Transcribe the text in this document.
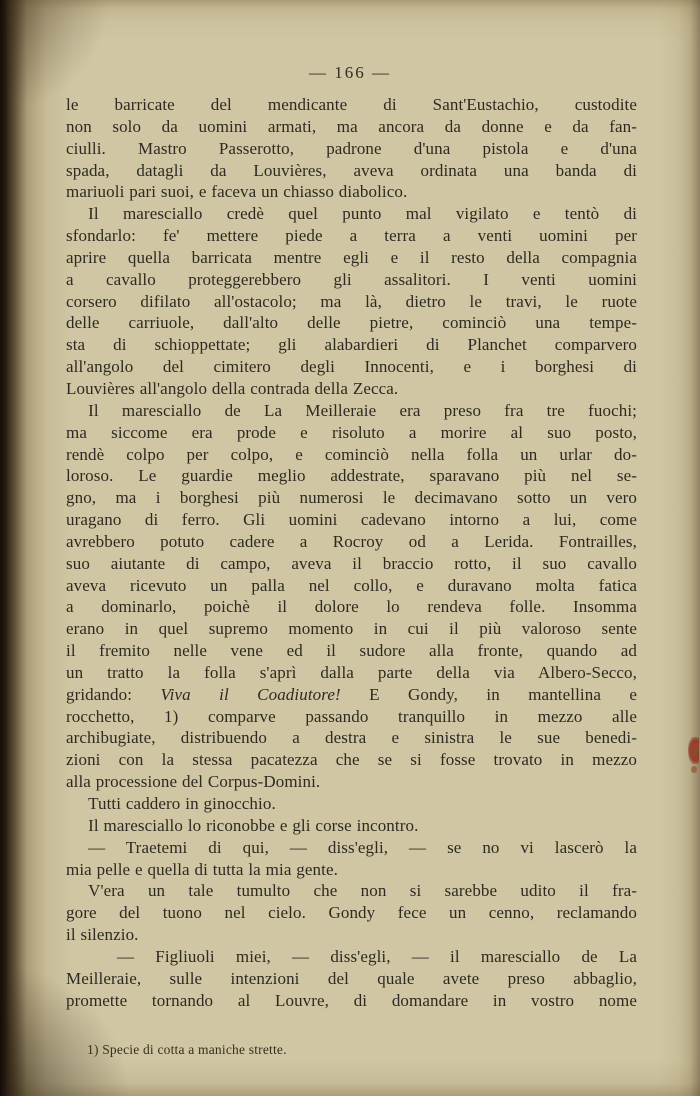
— 166 —
le barricate del mendicante di Sant'Eustachio, custodite
non solo da uomini armati, ma ancora da donne e da fan-
ciulli. Mastro Passerotto, padrone d'una pistola e d'una
spada, datagli da Louvières, aveva ordinata una banda di
mariuoli pari suoi, e faceva un chiasso diabolico.
Il maresciallo credè quel punto mal vigilato e tentò di
sfondarlo: fe' mettere piede a terra a venti uomini per
aprire quella barricata mentre egli e il resto della compagnia
a cavallo proteggerebbero gli assalitori. I venti uomini
corsero difilato all'ostacolo; ma là, dietro le travi, le ruote
delle carriuole, dall'alto delle pietre, cominciò una tempe-
sta di schioppettate; gli alabardieri di Planchet comparvero
all'angolo del cimitero degli Innocenti, e i borghesi di
Louvières all'angolo della contrada della Zecca.
Il maresciallo de La Meilleraie era preso fra tre fuochi;
ma siccome era prode e risoluto a morire al suo posto,
rendè colpo per colpo, e cominciò nella folla un urlar do-
loroso. Le guardie meglio addestrate, sparavano più nel se-
gno, ma i borghesi più numerosi le decimavano sotto un vero
uragano di ferro. Gli uomini cadevano intorno a lui, come
avrebbero potuto cadere a Rocroy od a Lerida. Fontrailles,
suo aiutante di campo, aveva il braccio rotto, il suo cavallo
aveva ricevuto un palla nel collo, e duravano molta fatica
a dominarlo, poichè il dolore lo rendeva folle. Insomma
erano in quel supremo momento in cui il più valoroso sente
il fremito nelle vene ed il sudore alla fronte, quando ad
un tratto la folla s'aprì dalla parte della via Albero-Secco,
gridando: Viva il Coadiutore! E Gondy, in mantellina e
rocchetto, 1) comparve passando tranquillo in mezzo alle
archibugiate, distribuendo a destra e sinistra le sue benedi-
zioni con la stessa pacatezza che se si fosse trovato in mezzo
alla processione del Corpus-Domini.
Tutti caddero in ginocchio.
Il maresciallo lo riconobbe e gli corse incontro.
— Traetemi di qui, — diss'egli, — se no vi lascerò la
mia pelle e quella di tutta la mia gente.
V'era un tale tumulto che non si sarebbe udito il fra-
gore del tuono nel cielo. Gondy fece un cenno, reclamando
il silenzio.
— Figliuoli miei, — diss'egli, — il maresciallo de La
Meilleraie, sulle intenzioni del quale avete preso abbaglio,
promette tornando al Louvre, di domandare in vostro nome
1) Specie di cotta a maniche strette.
